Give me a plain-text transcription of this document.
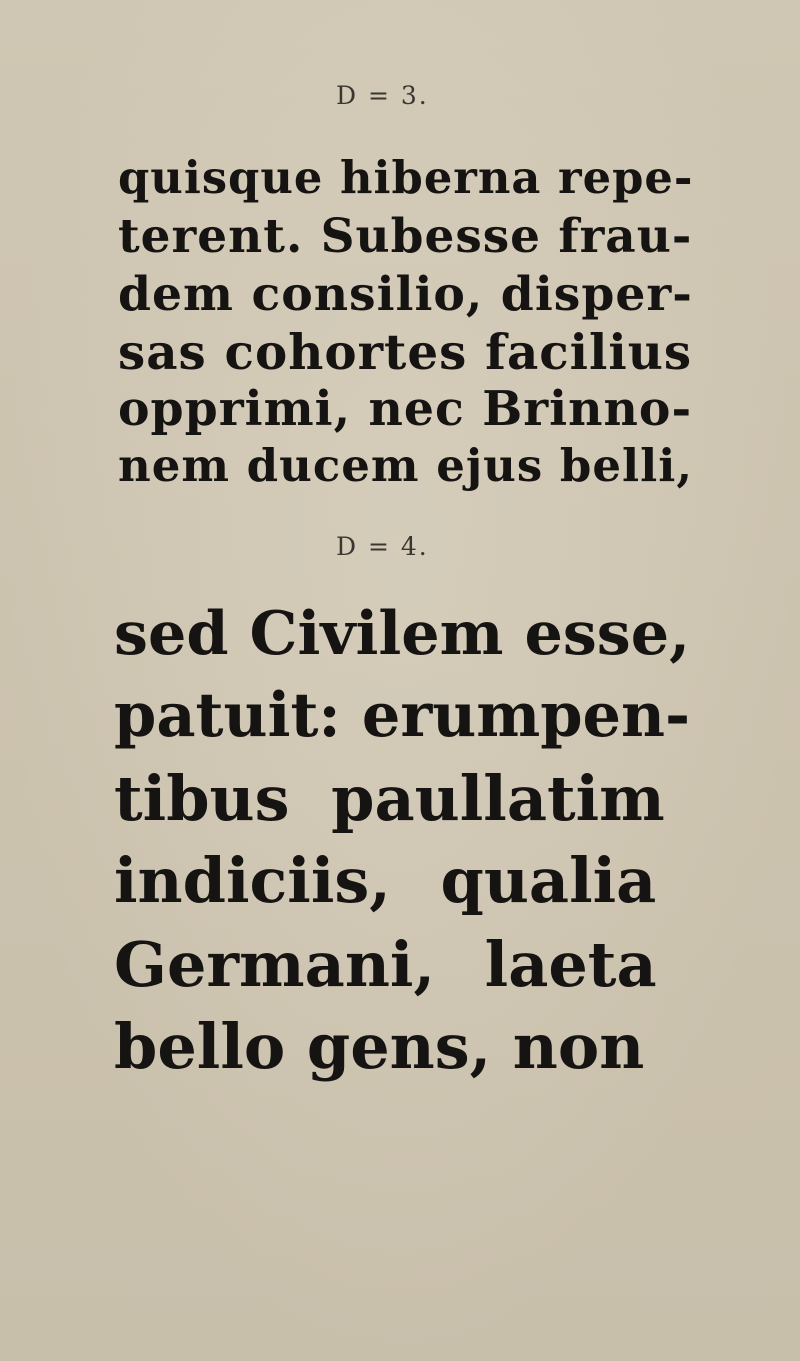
D = 3.
quisque hiberna repe-
terent. Subesse frau-
dem consilio, disper-
sas cohortes facilius
opprimi, nec Brinno-
nem ducem ejus belli,
D = 4.
sed Civilem esse,
patuit: erumpen-
tibus paullatim
indiciis, qualia
Germani, laeta
bello gens, non
